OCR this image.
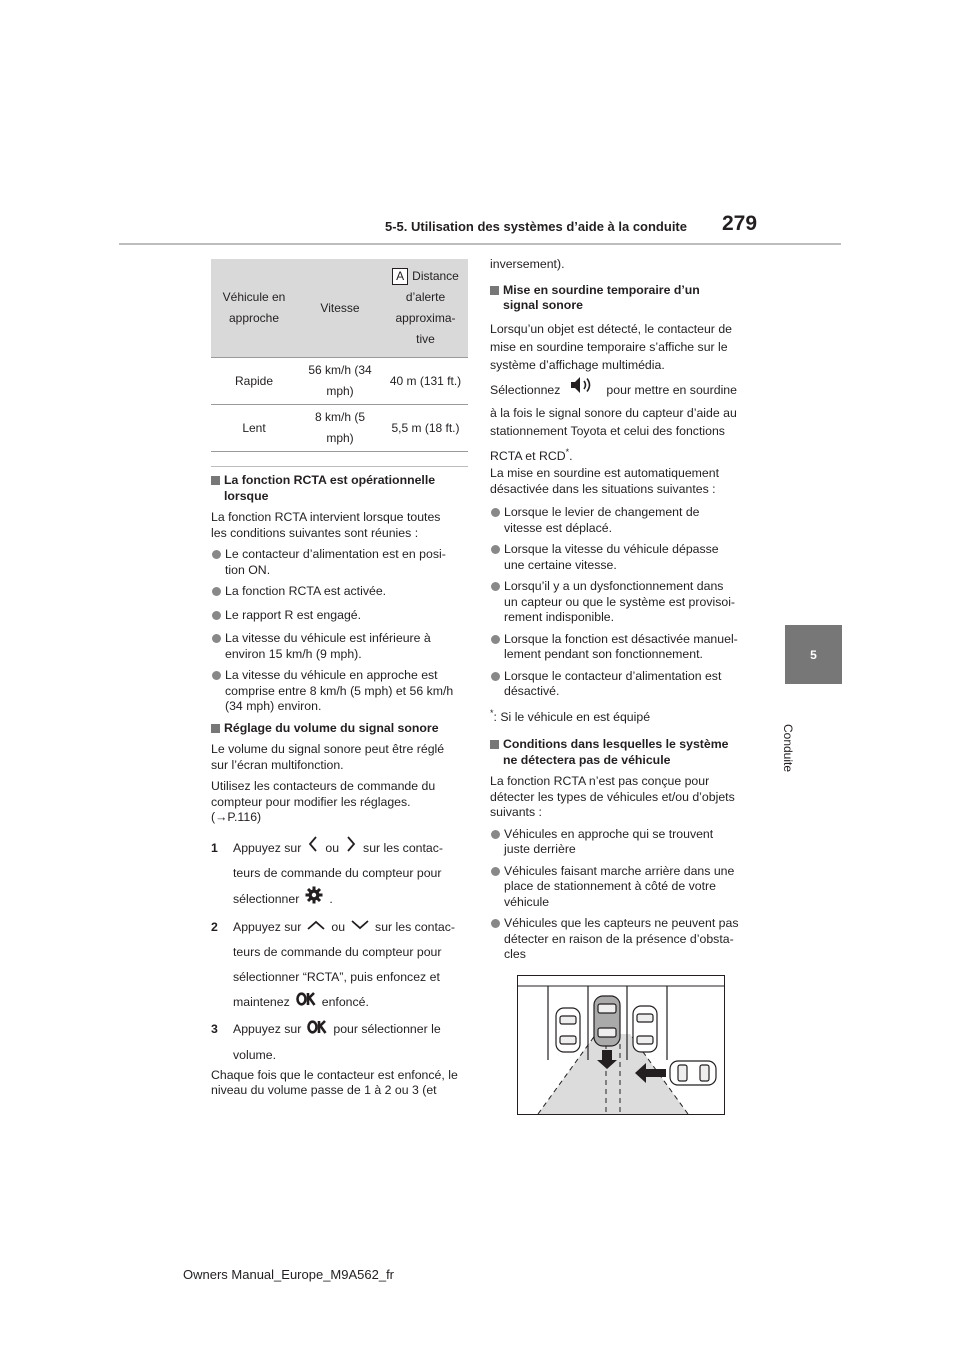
5-5. Utilisation des systèmes d’aide à la conduite 279
5
Conduite
Véhicule en
approche	Vitesse	A Distance
d’alerte
approxima-
tive
Rapide	56 km/h (34
mph)	40 m (131 ft.)
Lent	8 km/h (5
mph)	5,5 m (18 ft.)

La fonction RCTA est opérationnelle
lorsque

La fonction RCTA intervient lorsque toutes
les conditions suivantes sont réunies :

Le contacteur d’alimentation est en posi-
tion ON.

La fonction RCTA est activée.

Le rapport R est engagé.

La vitesse du véhicule est inférieure à
environ 15 km/h (9 mph).

La vitesse du véhicule en approche est
comprise entre 8 km/h (5 mph) et 56 km/h
(34 mph) environ.

Réglage du volume du signal sonore

Le volume du signal sonore peut être réglé
sur l’écran multifonction.

Utilisez les contacteurs de commande du
compteur pour modifier les réglages.
(→P.116)

1 Appuyez sur ou sur les contac-
teurs de commande du compteur pour
sélectionner .
2 Appuyez sur ou sur les contac-
teurs de commande du compteur pour
sélectionner “RCTA”, puis enfoncez et
maintenez	enfoncé.
3 Appuyez sur	pour sélectionner le
volume.

Chaque fois que le contacteur est enfoncé, le
niveau du volume passe de 1 à 2 ou 3 (et

inversement).

Mise en sourdine temporaire d’un
signal sonore

Lorsqu’un objet est détecté, le contacteur de
mise en sourdine temporaire s’affiche sur le
système d’affichage multimédia.

Sélectionnez	pour mettre en sourdine

à la fois le signal sonore du capteur d’aide au
stationnement Toyota et celui des fonctions

RCTA et RCD*.

La mise en sourdine est automatiquement
désactivée dans les situations suivantes :

Lorsque le levier de changement de
vitesse est déplacé.

Lorsque la vitesse du véhicule dépasse
une certaine vitesse.

Lorsqu’il y a un dysfonctionnement dans
un capteur ou que le système est provisoi-
rement indisponible.

Lorsque la fonction est désactivée manuel-
lement pendant son fonctionnement.

Lorsque le contacteur d’alimentation est
désactivé.

*: Si le véhicule en est équipé

Conditions dans lesquelles le système
ne détectera pas de véhicule

La fonction RCTA n’est pas conçue pour
détecter les types de véhicules et/ou d’objets
suivants :

Véhicules en approche qui se trouvent
juste derrière

Véhicules faisant marche arrière dans une
place de stationnement à côté de votre
véhicule

Véhicules que les capteurs ne peuvent pas
détecter en raison de la présence d’obsta-
cles

Owners Manual_Europe_M9A562_fr
